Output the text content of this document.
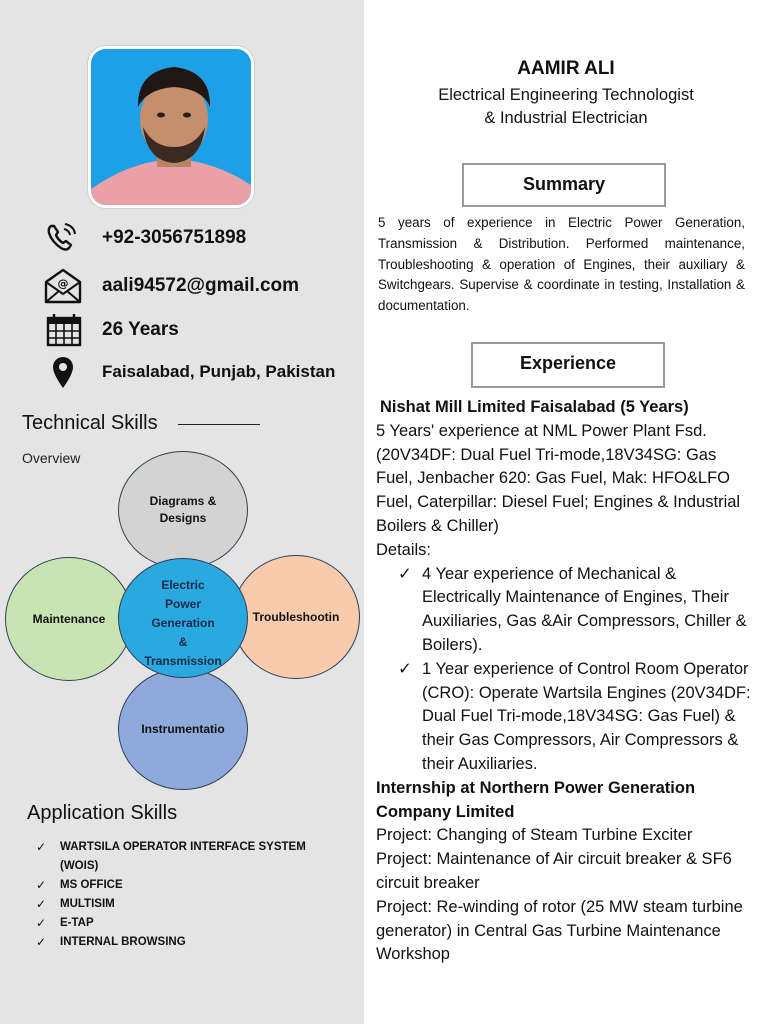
+92-3056751898
@ aali94572@gmail.com
26 Years
Faisalabad, Punjab, Pakistan
Technical Skills
Overview
Diagrams &
Designs
Maintenance	Troubleshootin
Instrumentatio
Electric
Power
Generation
&
Transmission
Application Skills
✓ WARTSILA OPERATOR INTERFACE SYSTEM (WOIS)
✓ MS OFFICE
✓ MULTISIM
✓ E-TAP
✓ INTERNAL BROWSING
AAMIR ALI
Electrical Engineering Technologist
& Industrial Electrician
Summary
5 years of experience in Electric Power Generation, Transmission & Distribution. Performed maintenance, Troubleshooting & operation of Engines, their auxiliary & Switchgears. Supervise & coordinate in testing, Installation & documentation.
Experience
Nishat Mill Limited Faisalabad (5 Years)
5 Years' experience at NML Power Plant Fsd. (20V34DF: Dual Fuel Tri-mode,18V34SG: Gas Fuel, Jenbacher 620: Gas Fuel, Mak: HFO&LFO Fuel, Caterpillar: Diesel Fuel; Engines & Industrial Boilers & Chiller)
Details:
✓ 4 Year experience of Mechanical & Electrically Maintenance of Engines, Their Auxiliaries, Gas &Air Compressors, Chiller & Boilers).
✓ 1 Year experience of Control Room Operator (CRO): Operate Wartsila Engines (20V34DF: Dual Fuel Tri-mode,18V34SG: Gas Fuel) & their Gas Compressors, Air Compressors & their Auxiliaries.
Internship at Northern Power Generation Company Limited
Project: Changing of Steam Turbine Exciter
Project: Maintenance of Air circuit breaker & SF6 circuit breaker
Project: Re-winding of rotor (25 MW steam turbine generator) in Central Gas Turbine Maintenance Workshop
